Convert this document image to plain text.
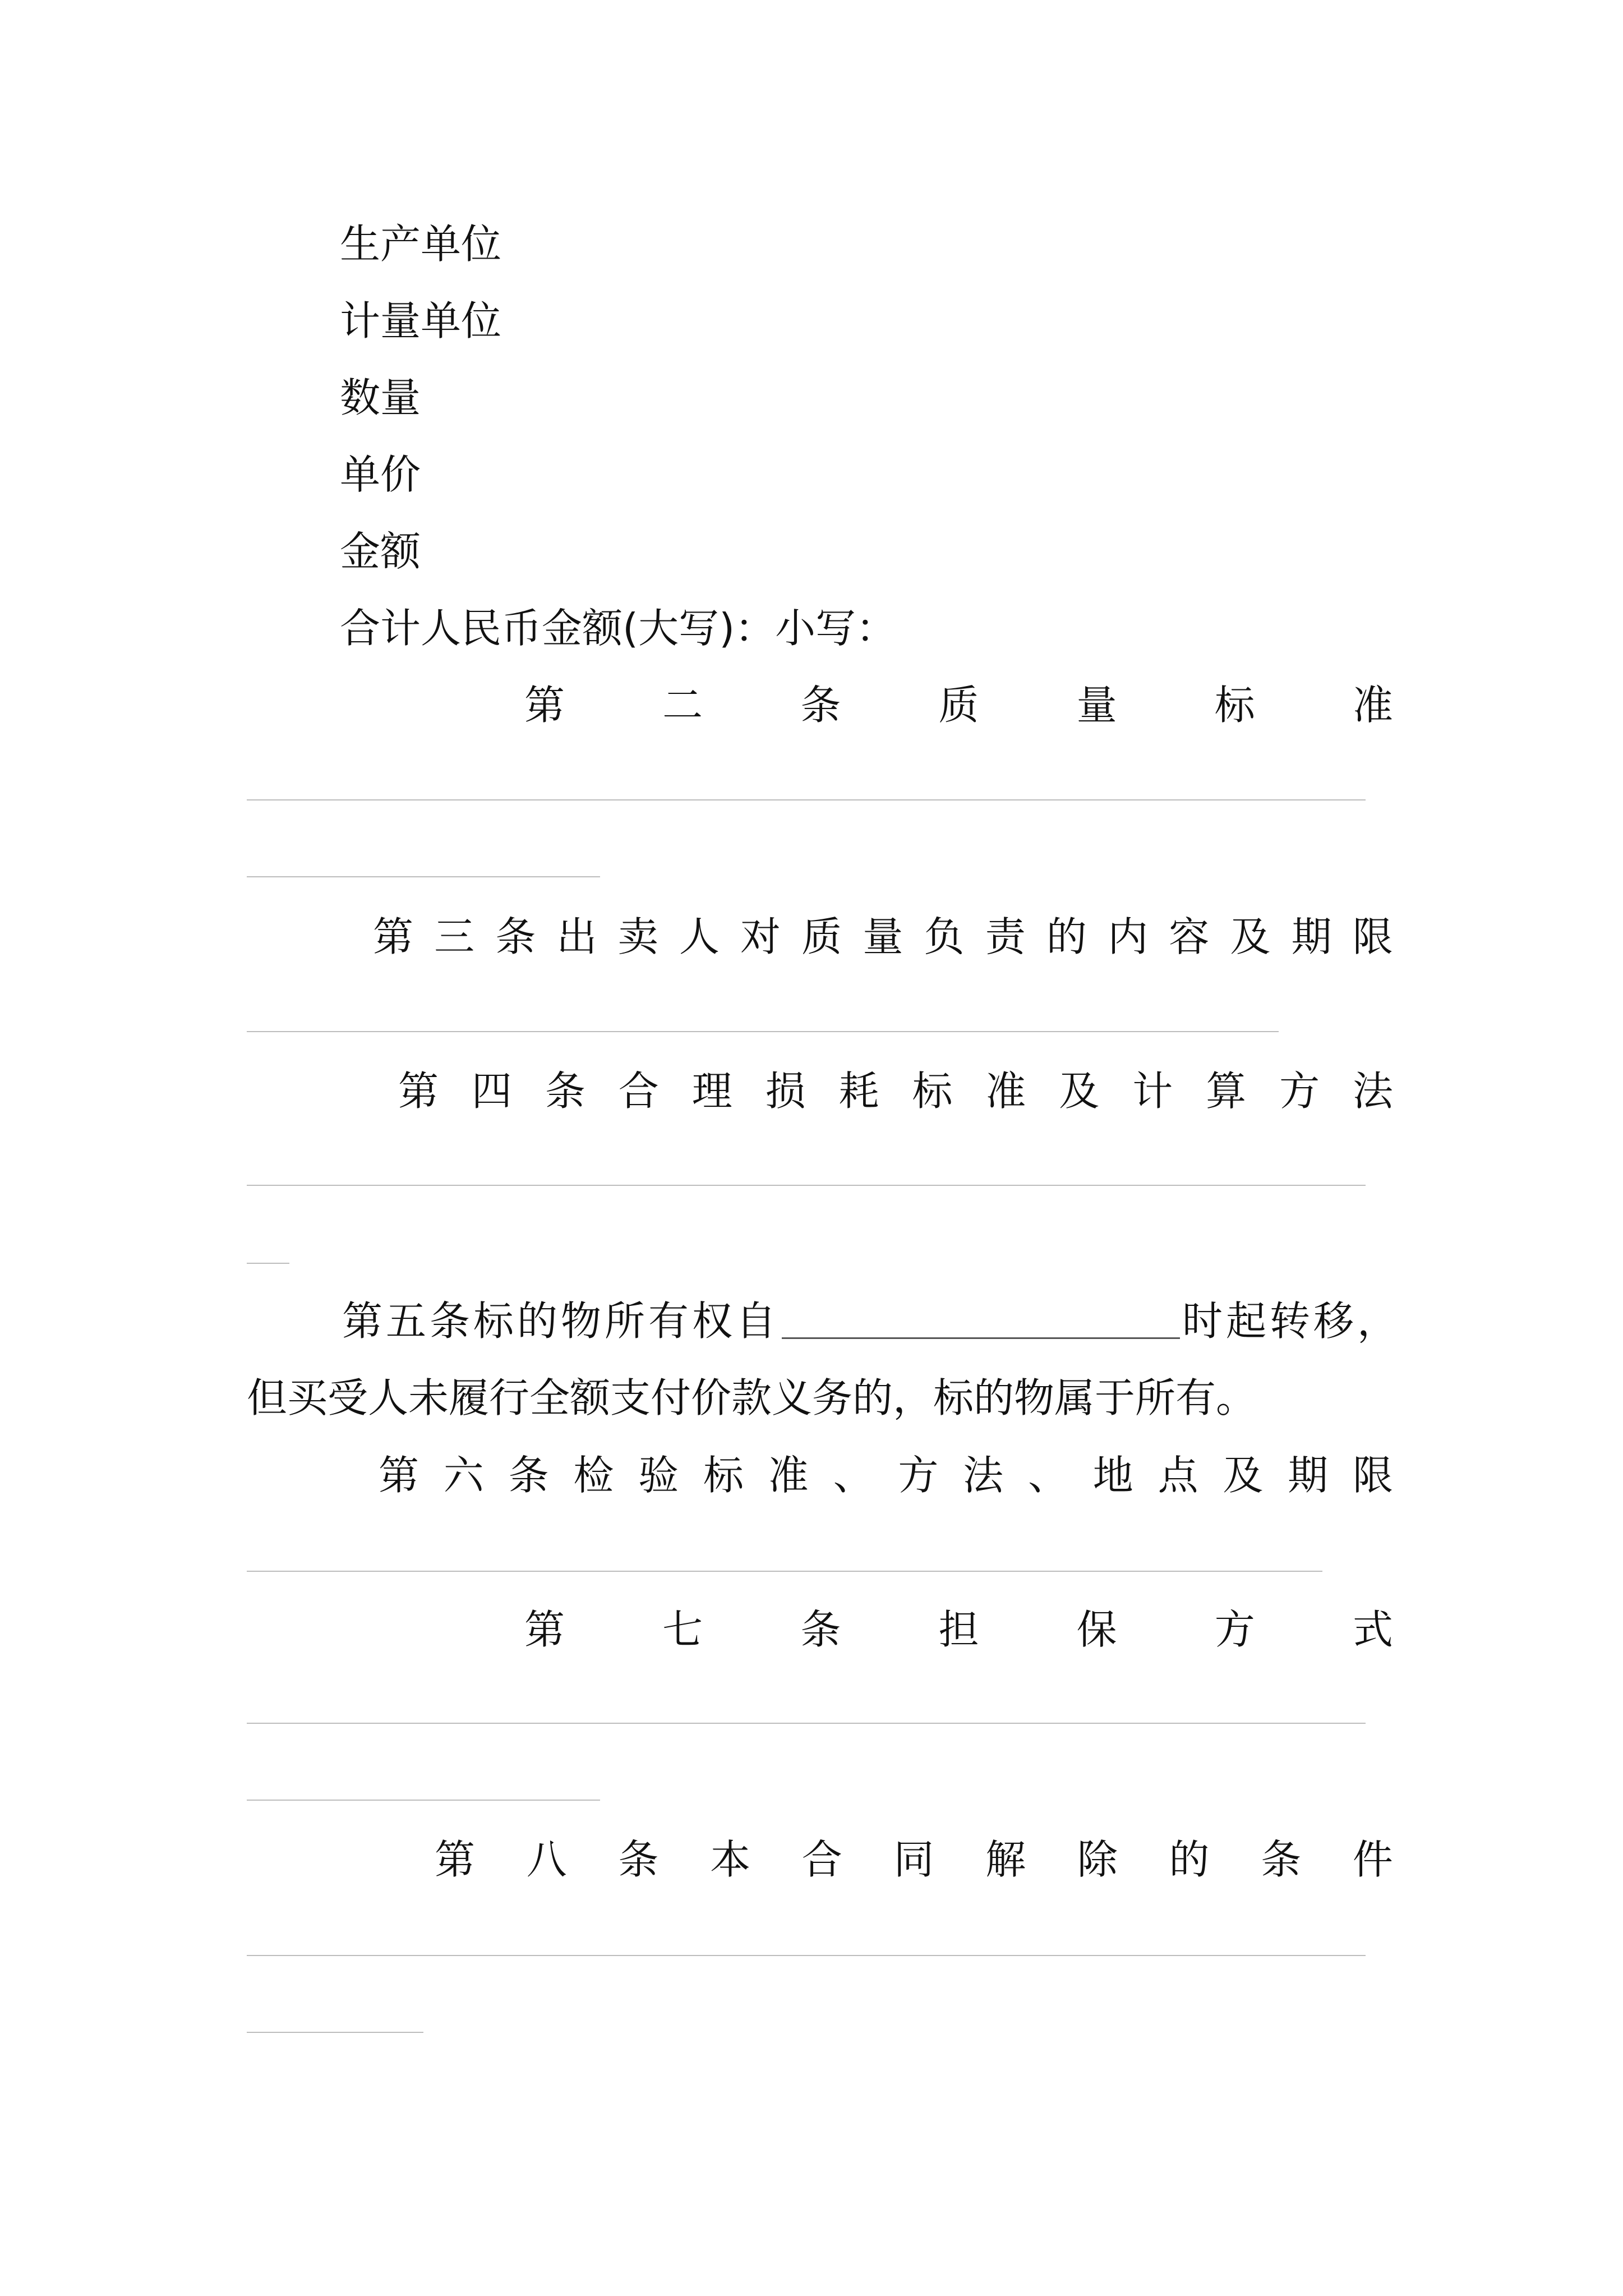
生产单位
计量单位
数量
单价
金额
合计人民币金额(大写)：小写：
第 二 条 质 量 标 准
第 三 条 出 卖 人 对 质 量 负 责 的 内 容 及 期 限
第 四 条 合 理 损 耗 标 准 及 计 算 方 法
第五条标的物所有权自	时起转移，
但买受人未履行全额支付价款义务的，标的物属于所有。
第 六 条 检 验 标 准 、 方 法 、 地 点 及 期 限
第 七 条 担 保 方 式
第 八 条 本 合 同 解 除 的 条 件
